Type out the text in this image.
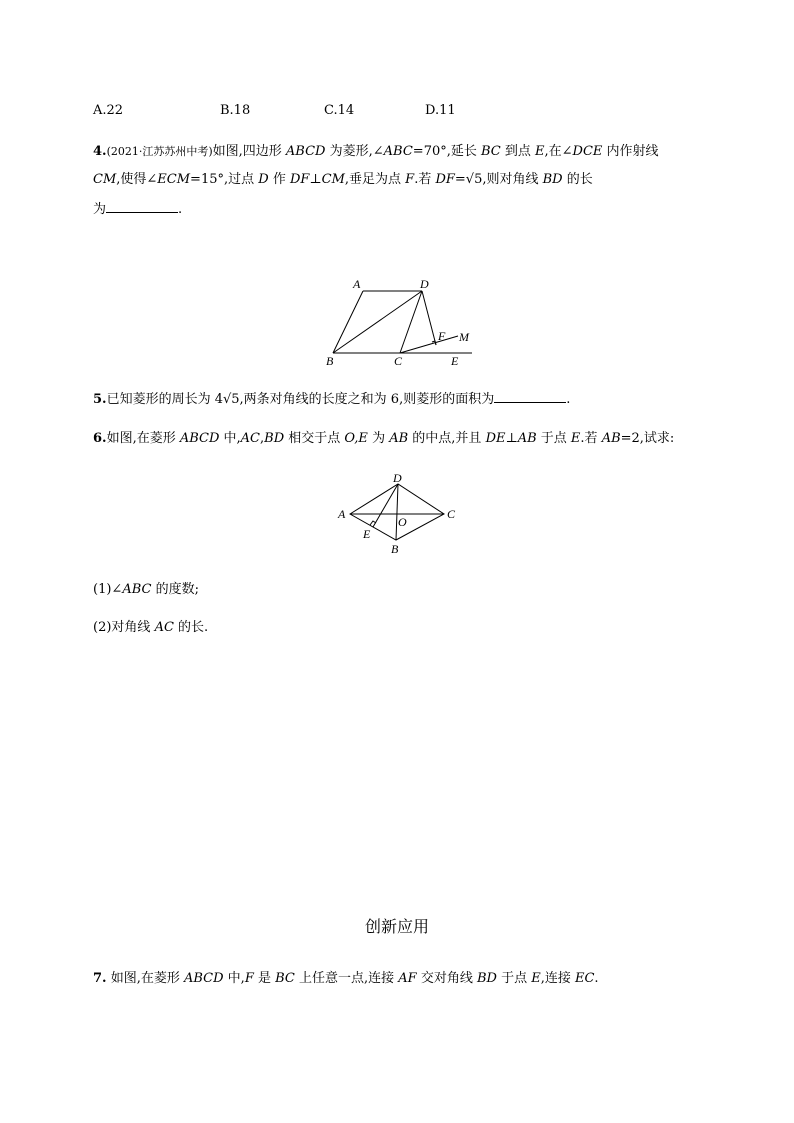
A.22	B.18	C.14	D.11
4.(2021·江苏苏州中考)如图,四边形 ABCD 为菱形,∠ABC=70°,延长 BC 到点 E,在∠DCE 内作射线
CM,使得∠ECM=15°,过点 D 作 DF⊥CM,垂足为点 F.若 DF=√5,则对角线 BD 的长
为	.
A	D
B	C	E
F M
5.已知菱形的周长为 4√5,两条对角线的长度之和为 6,则菱形的面积为	.
6.如图,在菱形 ABCD 中,AC,BD 相交于点 O,E 为 AB 的中点,并且 DE⊥AB 于点 E.若 AB=2,试求:
A
D
O
C
E
B
(1)∠ABC 的度数;
(2)对角线 AC 的长.
创新应用
7. 如图,在菱形 ABCD 中,F 是 BC 上任意一点,连接 AF 交对角线 BD 于点 E,连接 EC.
